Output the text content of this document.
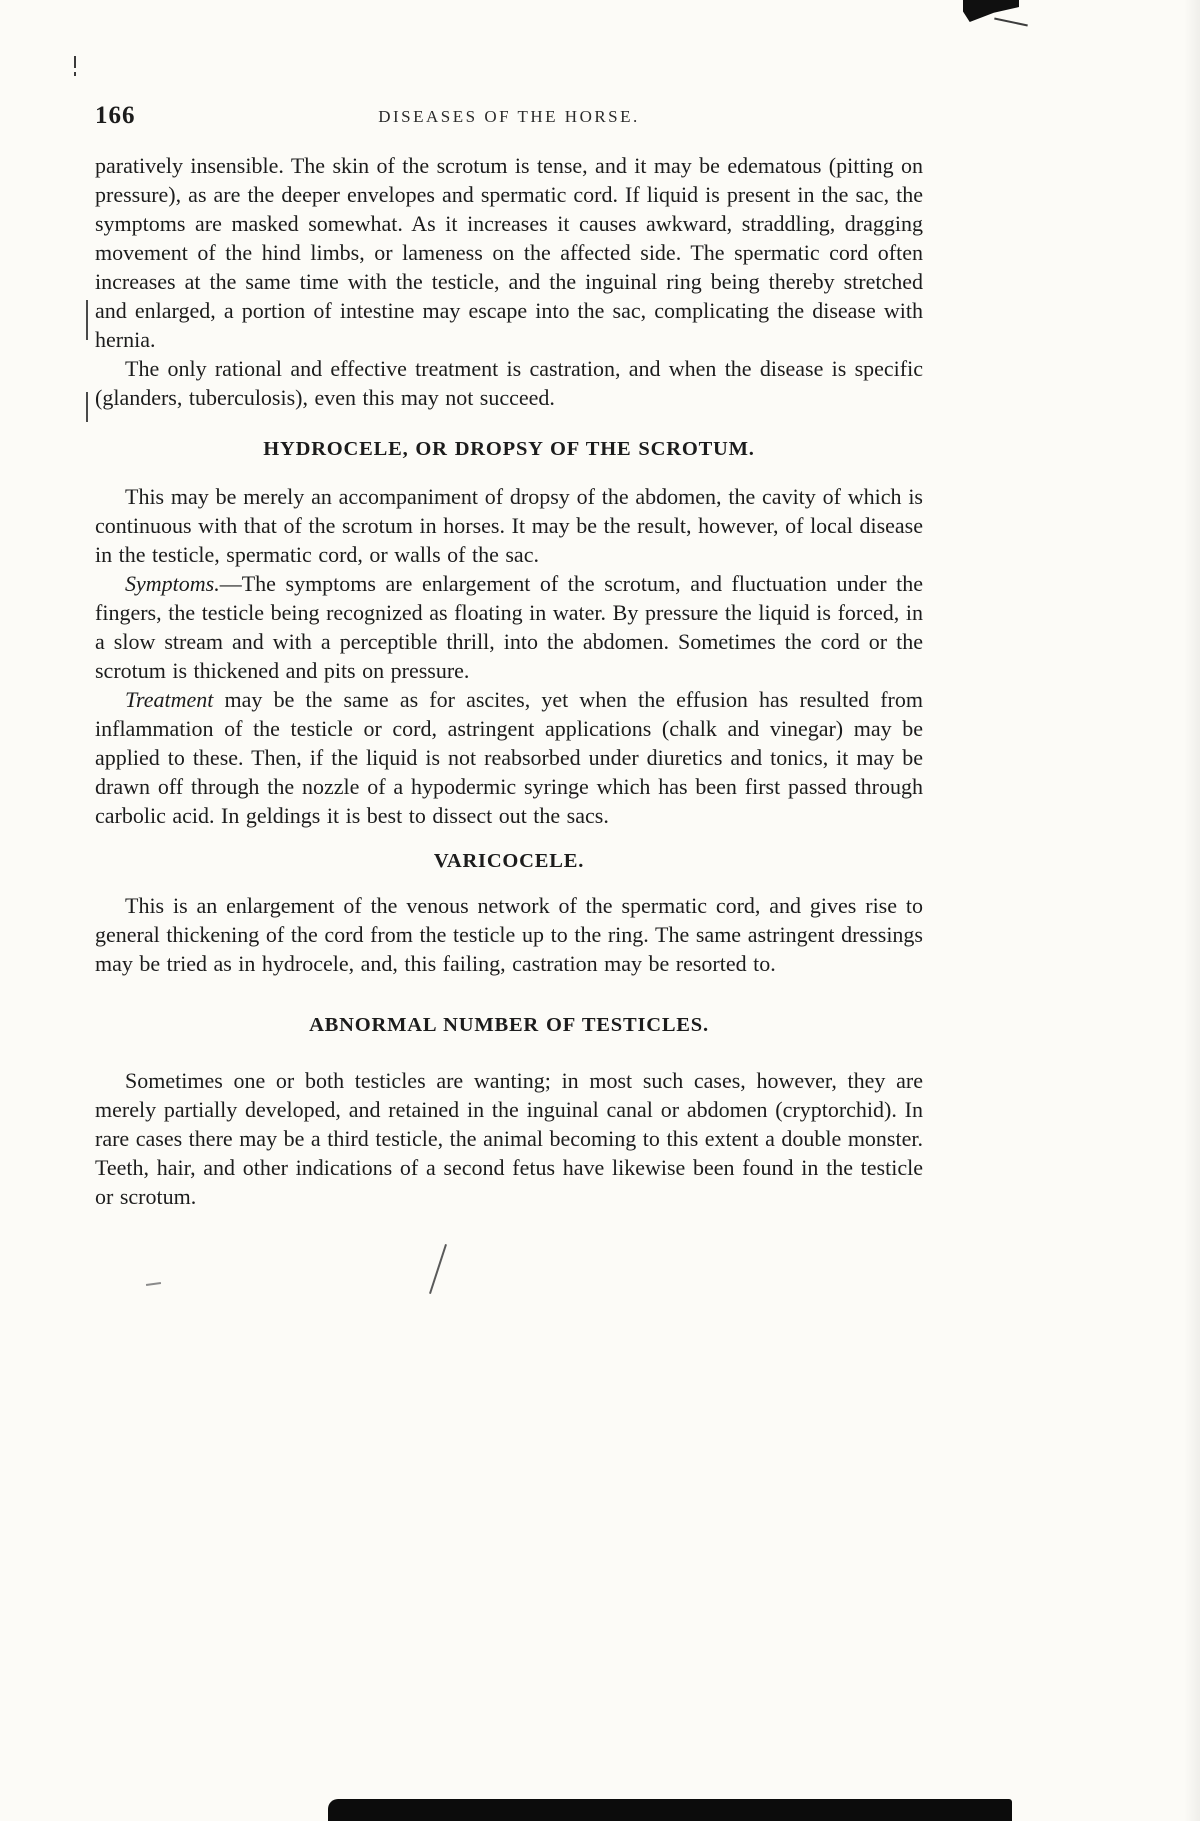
166	DISEASES OF THE HORSE.

paratively insensible. The skin of the scrotum is tense, and it may be edematous (pitting on pressure), as are the deeper envelopes and spermatic cord. If liquid is present in the sac, the symptoms are masked somewhat. As it increases it causes awkward, straddling, dragging movement of the hind limbs, or lameness on the affected side. The spermatic cord often increases at the same time with the testicle, and the inguinal ring being thereby stretched and enlarged, a portion of intestine may escape into the sac, complicating the disease with hernia.

The only rational and effective treatment is castration, and when the disease is specific (glanders, tuberculosis), even this may not succeed.

HYDROCELE, OR DROPSY OF THE SCROTUM.

This may be merely an accompaniment of dropsy of the abdomen, the cavity of which is continuous with that of the scrotum in horses. It may be the result, however, of local disease in the testicle, spermatic cord, or walls of the sac.

Symptoms.—The symptoms are enlargement of the scrotum, and fluctuation under the fingers, the testicle being recognized as floating in water. By pressure the liquid is forced, in a slow stream and with a perceptible thrill, into the abdomen. Sometimes the cord or the scrotum is thickened and pits on pressure.

Treatment may be the same as for ascites, yet when the effusion has resulted from inflammation of the testicle or cord, astringent applications (chalk and vinegar) may be applied to these. Then, if the liquid is not reabsorbed under diuretics and tonics, it may be drawn off through the nozzle of a hypodermic syringe which has been first passed through carbolic acid. In geldings it is best to dissect out the sacs.

VARICOCELE.

This is an enlargement of the venous network of the spermatic cord, and gives rise to general thickening of the cord from the testicle up to the ring. The same astringent dressings may be tried as in hydrocele, and, this failing, castration may be resorted to.

ABNORMAL NUMBER OF TESTICLES.

Sometimes one or both testicles are wanting; in most such cases, however, they are merely partially developed, and retained in the inguinal canal or abdomen (cryptorchid). In rare cases there may be a third testicle, the animal becoming to this extent a double monster. Teeth, hair, and other indications of a second fetus have likewise been found in the testicle or scrotum.
